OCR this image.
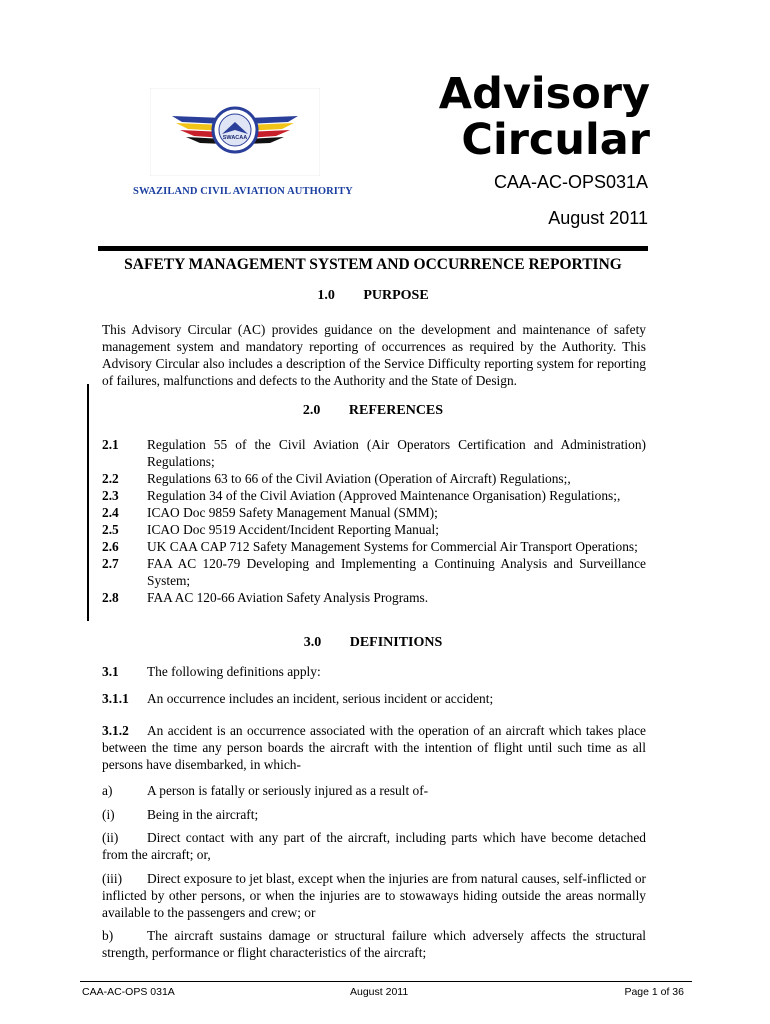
SWACAA
SWAZILAND CIVIL AVIATION AUTHORITY
Advisory
Circular
CAA-AC-OPS031A
August 2011
SAFETY MANAGEMENT SYSTEM AND OCCURRENCE REPORTING
1.0 PURPOSE
This Advisory Circular (AC) provides guidance on the development and maintenance of safety management system and mandatory reporting of occurrences as required by the Authority. This Advisory Circular also includes a description of the Service Difficulty reporting system for reporting of failures, malfunctions and defects to the Authority and the State of Design.
2.0 REFERENCES
2.1	Regulation 55 of the Civil Aviation (Air Operators Certification and Administration) Regulations;
2.2	Regulations 63 to 66 of the Civil Aviation (Operation of Aircraft) Regulations;,
2.3	Regulation 34 of the Civil Aviation (Approved Maintenance Organisation) Regulations;,
2.4	ICAO Doc 9859 Safety Management Manual (SMM);
2.5	ICAO Doc 9519 Accident/Incident Reporting Manual;
2.6	UK CAA CAP 712 Safety Management Systems for Commercial Air Transport Operations;
2.7	FAA AC 120-79 Developing and Implementing a Continuing Analysis and Surveillance System;
2.8	FAA AC 120-66 Aviation Safety Analysis Programs.
3.0 DEFINITIONS
3.1	The following definitions apply:
3.1.1	An occurrence includes an incident, serious incident or accident;
3.1.2 An accident is an occurrence associated with the operation of an aircraft which takes place between the time any person boards the aircraft with the intention of flight until such time as all persons have disembarked, in which-
a)	A person is fatally or seriously injured as a result of-
(i)	Being in the aircraft;
(ii) Direct contact with any part of the aircraft, including parts which have become detached from the aircraft; or,
(iii) Direct exposure to jet blast, except when the injuries are from natural causes, self-inflicted or inflicted by other persons, or when the injuries are to stowaways hiding outside the areas normally available to the passengers and crew; or
b)	The aircraft sustains damage or structural failure which adversely affects the structural strength, performance or flight characteristics of the aircraft;
CAA-AC-OPS 031A	August 2011	Page 1 of 36
